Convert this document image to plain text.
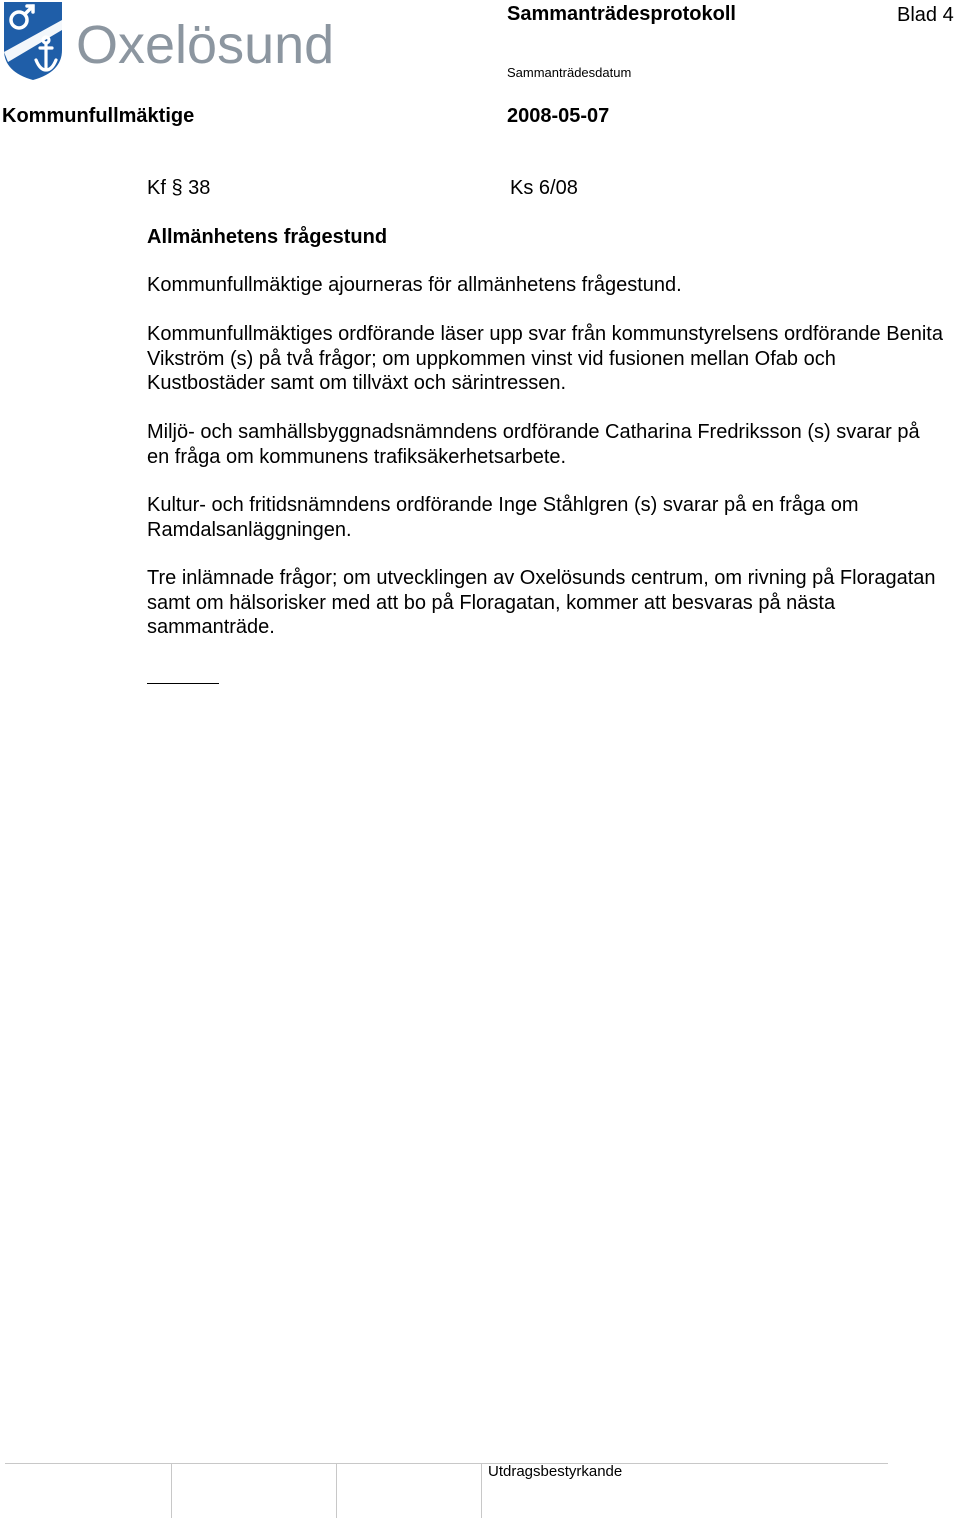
Oxelösund
Sammanträdesprotokoll	Blad 4
Sammanträdesdatum
Kommunfullmäktige	2008-05-07
Kf § 38	Ks 6/08
Allmänhetens frågestund

Kommunfullmäktige ajourneras för allmänhetens frågestund.

Kommunfullmäktiges ordförande läser upp svar från kommunstyrelsens ordförande Benita Vikström (s) på två frågor; om uppkommen vinst vid fusionen mellan Ofab och Kustbostäder samt om tillväxt och särintressen.

Miljö- och samhällsbyggnadsnämndens ordförande Catharina Fredriksson (s) svarar på en fråga om kommunens trafiksäkerhetsarbete.

Kultur- och fritidsnämndens ordförande Inge Ståhlgren (s) svarar på en fråga om Ramdalsanläggningen.

Tre inlämnade frågor; om utvecklingen av Oxelösunds centrum, om rivning på Floragatan samt om hälsorisker med att bo på Floragatan, kommer att besvaras på nästa sammanträde.

Utdragsbestyrkande
